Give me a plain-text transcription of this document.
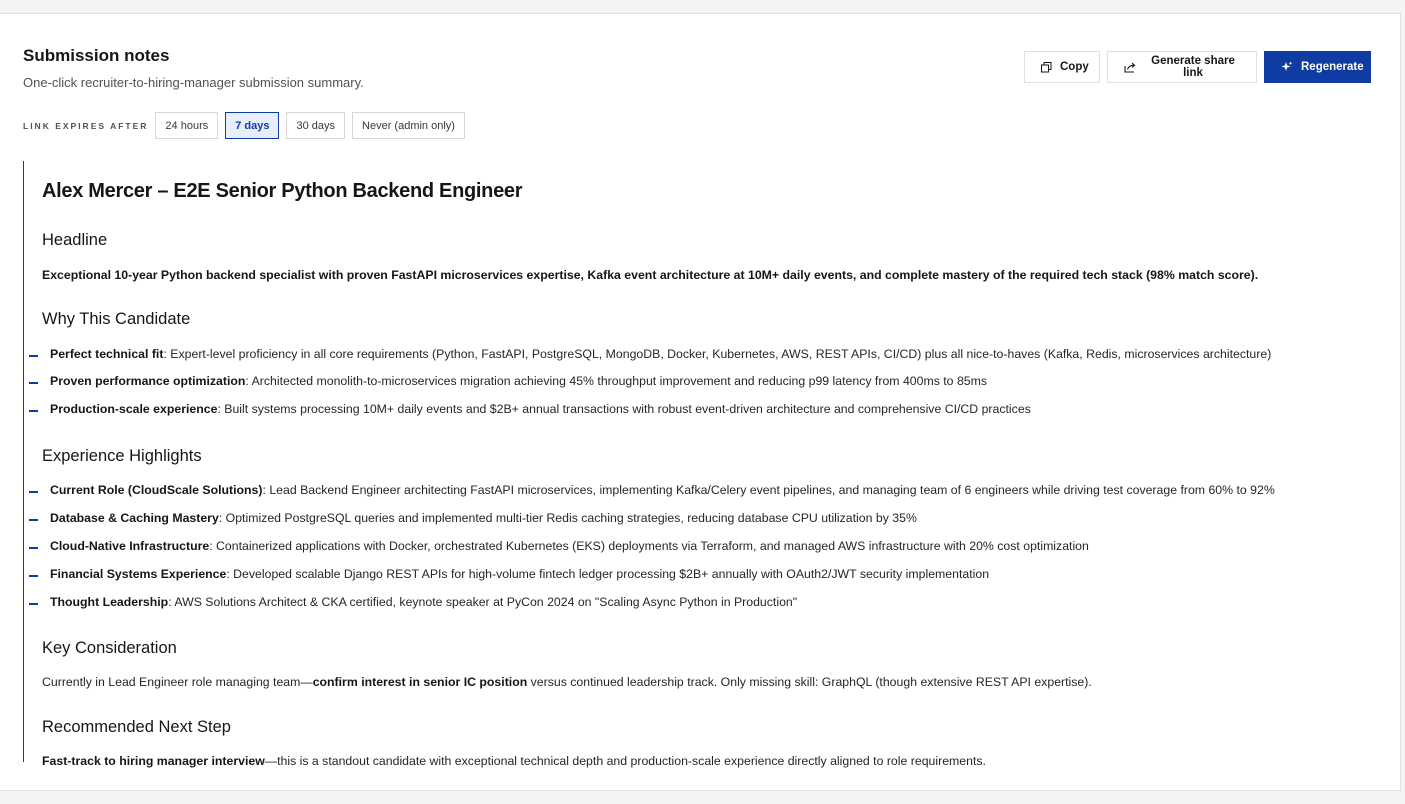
Submission notes

One-click recruiter-to-hiring-manager submission summary.

Copy	Generate share link	Regenerate
LINK EXPIRES AFTER	24 hours	7 days	30 days	Never (admin only)
Alex Mercer – E2E Senior Python Backend Engineer
Headline

Exceptional 10-year Python backend specialist with proven FastAPI microservices expertise, Kafka event architecture at 10M+ daily events, and complete mastery of the required tech stack (98% match score).

Why This Candidate
Perfect technical fit: Expert-level proficiency in all core requirements (Python, FastAPI, PostgreSQL, MongoDB, Docker, Kubernetes, AWS, REST APIs, CI/CD) plus all nice-to-haves (Kafka, Redis, microservices architecture)
Proven performance optimization: Architected monolith-to-microservices migration achieving 45% throughput improvement and reducing p99 latency from 400ms to 85ms
Production-scale experience: Built systems processing 10M+ daily events and $2B+ annual transactions with robust event-driven architecture and comprehensive CI/CD practices
Experience Highlights
Current Role (CloudScale Solutions): Lead Backend Engineer architecting FastAPI microservices, implementing Kafka/Celery event pipelines, and managing team of 6 engineers while driving test coverage from 60% to 92%
Database & Caching Mastery: Optimized PostgreSQL queries and implemented multi-tier Redis caching strategies, reducing database CPU utilization by 35%
Cloud-Native Infrastructure: Containerized applications with Docker, orchestrated Kubernetes (EKS) deployments via Terraform, and managed AWS infrastructure with 20% cost optimization
Financial Systems Experience: Developed scalable Django REST APIs for high-volume fintech ledger processing $2B+ annually with OAuth2/JWT security implementation
Thought Leadership: AWS Solutions Architect & CKA certified, keynote speaker at PyCon 2024 on "Scaling Async Python in Production"
Key Consideration

Currently in Lead Engineer role managing team—confirm interest in senior IC position versus continued leadership track. Only missing skill: GraphQL (though extensive REST API expertise).

Recommended Next Step

Fast-track to hiring manager interview—this is a standout candidate with exceptional technical depth and production-scale experience directly aligned to role requirements.
